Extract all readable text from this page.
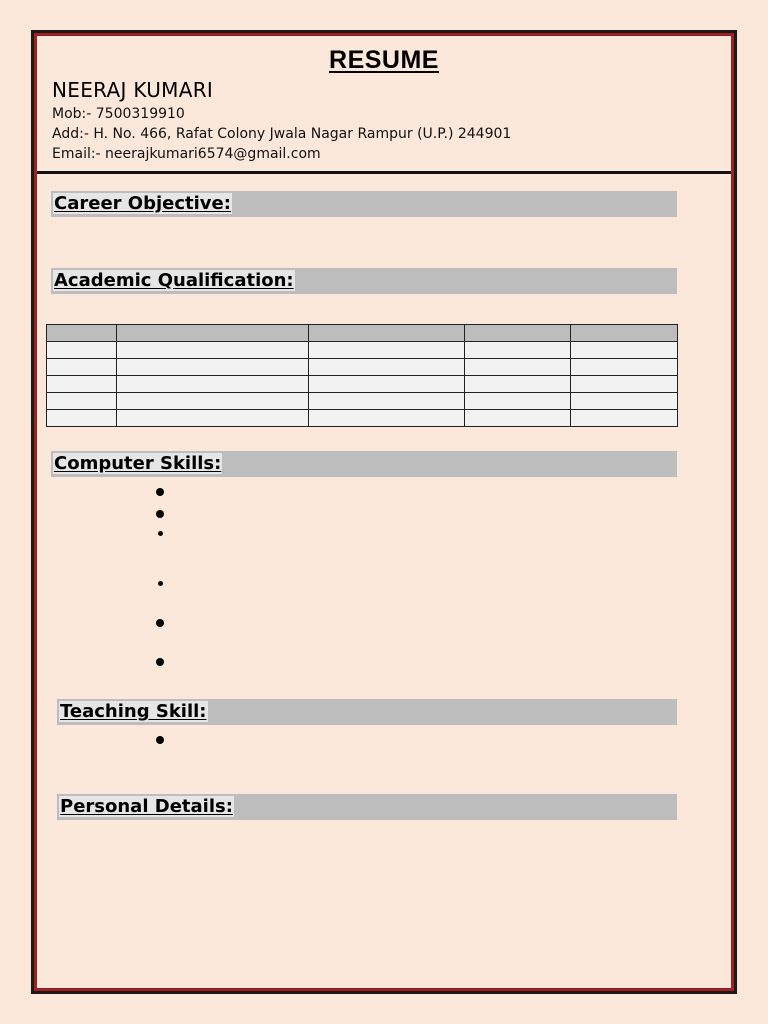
RESUME
NEERAJ KUMARI
Mob:- 7500319910
Add:- H. No. 466, Rafat Colony Jwala Nagar Rampur (U.P.) 244901
Email:- neerajkumari6574@gmail.com
Career Objective:
Academic Qualification:

Computer Skills:
Teaching Skill:
Personal Details:
